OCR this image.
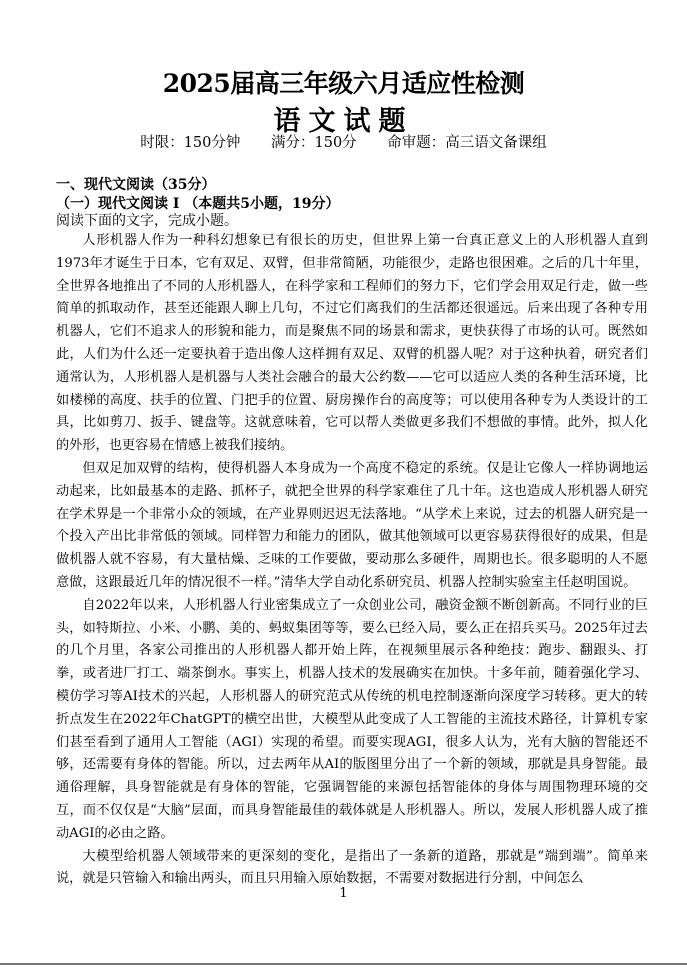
2025届高三年级六月适应性检测
语文试题
时限：150分钟 满分：150分 命审题：高三语文备课组
一、现代文阅读（35分）
（一）现代文阅读 I （本题共5小题，19分）
阅读下面的文字，完成小题。

人形机器人作为一种科幻想象已有很长的历史，但世界上第一台真正意义上的人形机器人直到1973年才诞生于日本，它有双足、双臂，但非常简陋，功能很少，走路也很困难。之后的几十年里，全世界各地推出了不同的人形机器人，在科学家和工程师们的努力下，它们学会用双足行走，做一些简单的抓取动作，甚至还能跟人聊上几句，不过它们离我们的生活都还很遥远。后来出现了各种专用机器人，它们不追求人的形貌和能力，而是聚焦不同的场景和需求，更快获得了市场的认可。既然如此，人们为什么还一定要执着于造出像人这样拥有双足、双臂的机器人呢？对于这种执着，研究者们通常认为，人形机器人是机器与人类社会融合的最大公约数——它可以适应人类的各种生活环境，比如楼梯的高度、扶手的位置、门把手的位置、厨房操作台的高度等；可以使用各种专为人类设计的工具，比如剪刀、扳手、键盘等。这就意味着，它可以帮人类做更多我们不想做的事情。此外，拟人化的外形，也更容易在情感上被我们接纳。

但双足加双臂的结构，使得机器人本身成为一个高度不稳定的系统。仅是让它像人一样协调地运动起来，比如最基本的走路、抓杯子，就把全世界的科学家难住了几十年。这也造成人形机器人研究在学术界是一个非常小众的领域，在产业界则迟迟无法落地。“从学术上来说，过去的机器人研究是一个投入产出比非常低的领域。同样智力和能力的团队，做其他领域可以更容易获得很好的成果，但是做机器人就不容易，有大量枯燥、乏味的工作要做，要动那么多硬件，周期也长。很多聪明的人不愿意做，这跟最近几年的情况很不一样。”清华大学自动化系研究员、机器人控制实验室主任赵明国说。

自2022年以来，人形机器人行业密集成立了一众创业公司，融资金额不断创新高。不同行业的巨头，如特斯拉、小米、小鹏、美的、蚂蚁集团等等，要么已经入局，要么正在招兵买马。2025年过去的几个月里，各家公司推出的人形机器人都开始上阵，在视频里展示各种绝技：跑步、翻跟头、打拳，或者进厂打工、端茶倒水。事实上，机器人技术的发展确实在加快。十多年前，随着强化学习、模仿学习等AI技术的兴起，人形机器人的研究范式从传统的机电控制逐渐向深度学习转移。更大的转折点发生在2022年ChatGPT的横空出世，大模型从此变成了人工智能的主流技术路径，计算机专家们甚至看到了通用人工智能（AGI）实现的希望。而要实现AGI，很多人认为，光有大脑的智能还不够，还需要有身体的智能。所以，过去两年从AI的版图里分出了一个新的领域，那就是具身智能。最通俗理解，具身智能就是有身体的智能，它强调智能的来源包括智能体的身体与周围物理环境的交互，而不仅仅是“大脑”层面，而具身智能最佳的载体就是人形机器人。所以，发展人形机器人成了推动AGI的必由之路。

大模型给机器人领域带来的更深刻的变化，是指出了一条新的道路，那就是“端到端”。简单来说，就是只管输入和输出两头，而且只用输入原始数据，不需要对数据进行分割，中间怎么

1
